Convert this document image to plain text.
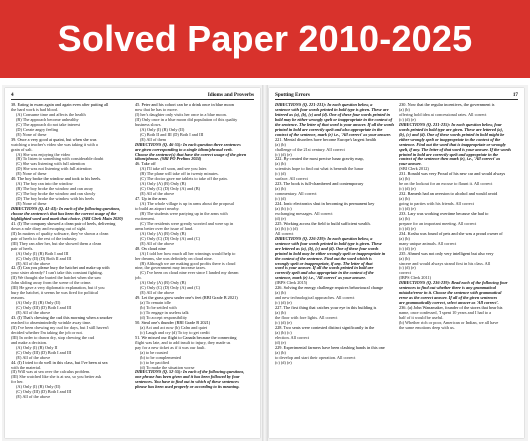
Solved Paper 2010-2025
4	Idioms and Proverbs
38. Eating in exam again and again even after putting all
the hard work is bad blood.
(A) Consume time and affects the health
(B) The approach become unhealthy
(C) The approach do not take interest
(D) Create angry feeling
(E) None of these
39. Once a very good at quaint, but when she was
watching a teacher's video she was taking it with a
grain of salt.
(A) She was enjoying the video
(B) To listen to something with considerable doubt
(C) She was listening with full attention
(D) She was not listening with full attention
(E) None of these
40. The boy broke the window and took to his heels.
(A) The boy ran into the window
(B) The boy broke the window and ran away
(C) The boy broke the window and ran slowly
(D) The boy broke the window with his heels
(E) None of these
DIRECTIONS (Q. 41-43): In each of the following questions,
choose the sentence/s that has been the correct usage of the
highlighted word and mark that choice. (SBI Clerk Main 2020)
41. (I) The company showed a clean pair of heels, delivering
down a rule diary and escaping out of sight.
(II) In matters of quality software, they've shown a clean
pair of heels to the rest of the industry.
(III) They ran after her, but she showed them a clean
pair of heels.
(A) Only (I) (B) Both I and III
(C) Only (II) (D) Both II and III
(E) All of the above
42. (I) Can you please bury the hatchet and make up with
your sister already? I can't take this constant fighting.
(II) We thought she buried the hatchet when she saw
John sliding away from the scene of the crime.
(III) He gave a very diplomatic explanation, but if you
bury the hatchet, it seems he was fired for political
reasons.
(A) Only (I) (B) Only (II)
(C) Only (III) (D) Both I and III
(E) All of the above
43. (I) That's chewing the cud this morning when a smoker
reached to absentmindedly wrinkle away time.
(II) I've been chewing my cud for days, but I still haven't
decided whether I'm taking the job or not.
(III) In order to drawn dry, stop chewing the cud
and make a decision.
(A) Only (I) (B) Only II
(C) Only (III) (D) Both I and III
(E) All of the above
44. (I) I tried to do well in this class, but I've been at sea
with the material.
(II) Will was at sea over the calculus problem.
(III) She watched like she is at sea, so you better ask
for her.
(A) Only (I) (B) Only (II)
(C) Only (III) (D) Both I and III
(E) All of the above
45. Peter and his cohort can be a drink once in blue moon
now that he has to move.
(I) her's daughter only visits her once in a blue moon.
(II) Only once in a blue moon did population of this quality
business slows.
(A) Only (I) (B) Only (II)
(C) Both II and III (D) Both I and III
(E) All of them
DIRECTIONS (Q. 46-55): In each question three sentences
are given corresponding to a single idiom/phrasal verb.
Choose the sentence(s) that have the correct usage of the given
idiom/phrase. (SBI PO Prelims 2024)
46. Take off
(A) I'll take off soon, and see you later.
(B) The plane will take off in twenty minutes.
(C) The doctor gave me tablets to take off the pain.
(A) Only (A) (B) Only (B)
(C) Only (C) (D) Only (A) and (B)
(E) All of the above
47. Up in the arms
(A) The whole village is up in arms about the proposal
to build an airport nearby.
(B) The students were partying up in the arms with
excitement.
(C) The residents were greatly worried and were up in
arms better over the issue of land.
(A) Only (A) (B) Only (B)
(C) Only (C) (D) Only (A) and (C)
(E) All of the above
48. On cloud nine
(A) I told her how much all her winnings would help to
her dreams, she was definitely on cloud nine.
(B) Although we are making good profits there is cloud
nine, the government may increase taxes.
(C) I've been on cloud nine ever since I landed my dream
job.
(A) Only (A) (B) Only (B)
(C) Only (C) (D) Only (A) and (C)
(E) All of the above
49. Let the grass grow under one's feet (RBI Grade B 2021)
(a) To remain idle
(b) To be settled with
(c) To engage in useless talk
(d) To accept responsibility
50. Steal one's thunder (RBI Grade B 2021)
(a) Act and act now (b) Calm and quiet
(c) Laugh and cry (d) To try to get credit
51. We missed our flight to Canada because the connecting
flight was late, and to add insult to injury, they made us
pay for a new ticket as if it was our fault.
(a) to be roasted
(b) to be complemented
(c) to be pacified
(d) To make the situation worse
DIRECTIONS (Q. 52-55): In each of the following questions,
one phrase has been given and it has been followed by four
sentences. You have to find out in which of these sentences
phrase has been used properly or according to its meaning.
Spotting Errors	17
DIRECTIONS (Q. 221-231): In each question below, a
sentence with four words printed in bold type is given. These are
lettered as (a), (b), (c) and (d). One of these four words printed in
bold may be either wrongly spelt or inappropriate in the context of
the sentence. The letter of that word is your answer. If all the words
printed in bold are correctly spelt and also appropriate in the
context of the sentence, mark (e) i.e., 'All correct' as your answer.
221. Mental disorders have become Europe's largest health
(a) (b)
challenge of the 21st century. All correct
(c) (d) (e)
222. By created the most precise lunar gravity map,
(a) (b)
scientists hope to find out what is beneath the lunar
(c) (d)
surface. All correct
223. The book is full-chambered and contemporary
(a) (b)
commentary. All correct
(c) (d)
224. Ionic electronics shut in becoming its permanent key
(a) (b) (c)
exchanging messages. All correct
(d) (e)
225. Working across the field to build sufficient wealth.
(a) (b) (c) (d)
All correct
DIRECTIONS (Q. 226-239): In each question below, a
sentence with four words printed in bold type is given. These
are lettered as (a), (b), (c) and (d). One of these four words
printed in bold may be either wrongly spelt or inappropriate in
the context of the sentence. Find out the word which is
wrongly spelt or inappropriate, if any. The letter of that
word is your answer. If all the words printed in bold are
correctly spelt and also appropriate in the context of the
sentence, mark (e) i.e., 'All correct' as your answer.
(IBPS Clerk 2015)
226. Solving the energy challenge requires behavioural change
(a) (b)
and new technological approaches. All correct
(c) (d) (e)
227. The first thing that catches your eye in this building is
(a) (b)
the floor with fore lights. All correct
(c) (d) (e)
228. Two seats were contested distinct significantly in the
(a) (b) (c)
election. All correct
(d) (e)
229. Experimental farmers have been clashing hands in this one
(a) (b)
to develop and start their operation. All correct
(c) (d) (e)
230. Now that the regular incentives, the government is
(a) (b)
offering hold idea at concessional rates. All correct
(c) (d) (e)
DIRECTIONS (Q. 231-235): In each question below, four
words printed in bold type are given. These are lettered (a),
(b), (c) and (d). One of these words printed in bold might be
either wrongly spelt or inappropriate in the context of the
sentence. Find out the word that is inappropriate or wrongly
spelt, if any. The letter of that word is your answer. If the words
printed in bold are correctly spelt and appropriate in the
context of the sentence then mark (e), i.e., 'All correct' as
your answer.
(SBI Clerk 2012)
231. Ronald was very Proud of his new car and would always
(a) (b)
be on the lookout for an excuse to flaunt it. All correct
(c) (d) (e)
232. Ramesh had an aversion to alcohol and would avoid
(a) (b)
going to parties with his friends. All correct
(c) (d) (e)
233. Lary was working overtime because she had to
(a) (b)
prepare for an important meeting. All correct
(c) (d) (e)
234. Koshu was found of pets and she was a proud owner of
(a) (b)
many unique animals. All correct
(c) (d) (e)
235. Ahmed was not only very intelligent but also very
(a) (b)
sincere and would always strand first in his class. All
(c) (d) (e)
correct
(IBPS Clerk 2011)
DIRECTIONS (Q. 236-239): Read each of the following four
sentences to find out whether there is any grammatical
mistake/error in it. Choose the sentence with grammatical
error as the correct answer. If all of the given sentences
are grammatically correct, select answer as 'All correct'.
236. (a) John Wanamaker, founder of the stores that bear his
name, once confessed, 'I spent 10 years and I had to a
half of it would be useful.
(b) Whether rich or poor, American or Indian, we all have
the same emotions deep with us.
